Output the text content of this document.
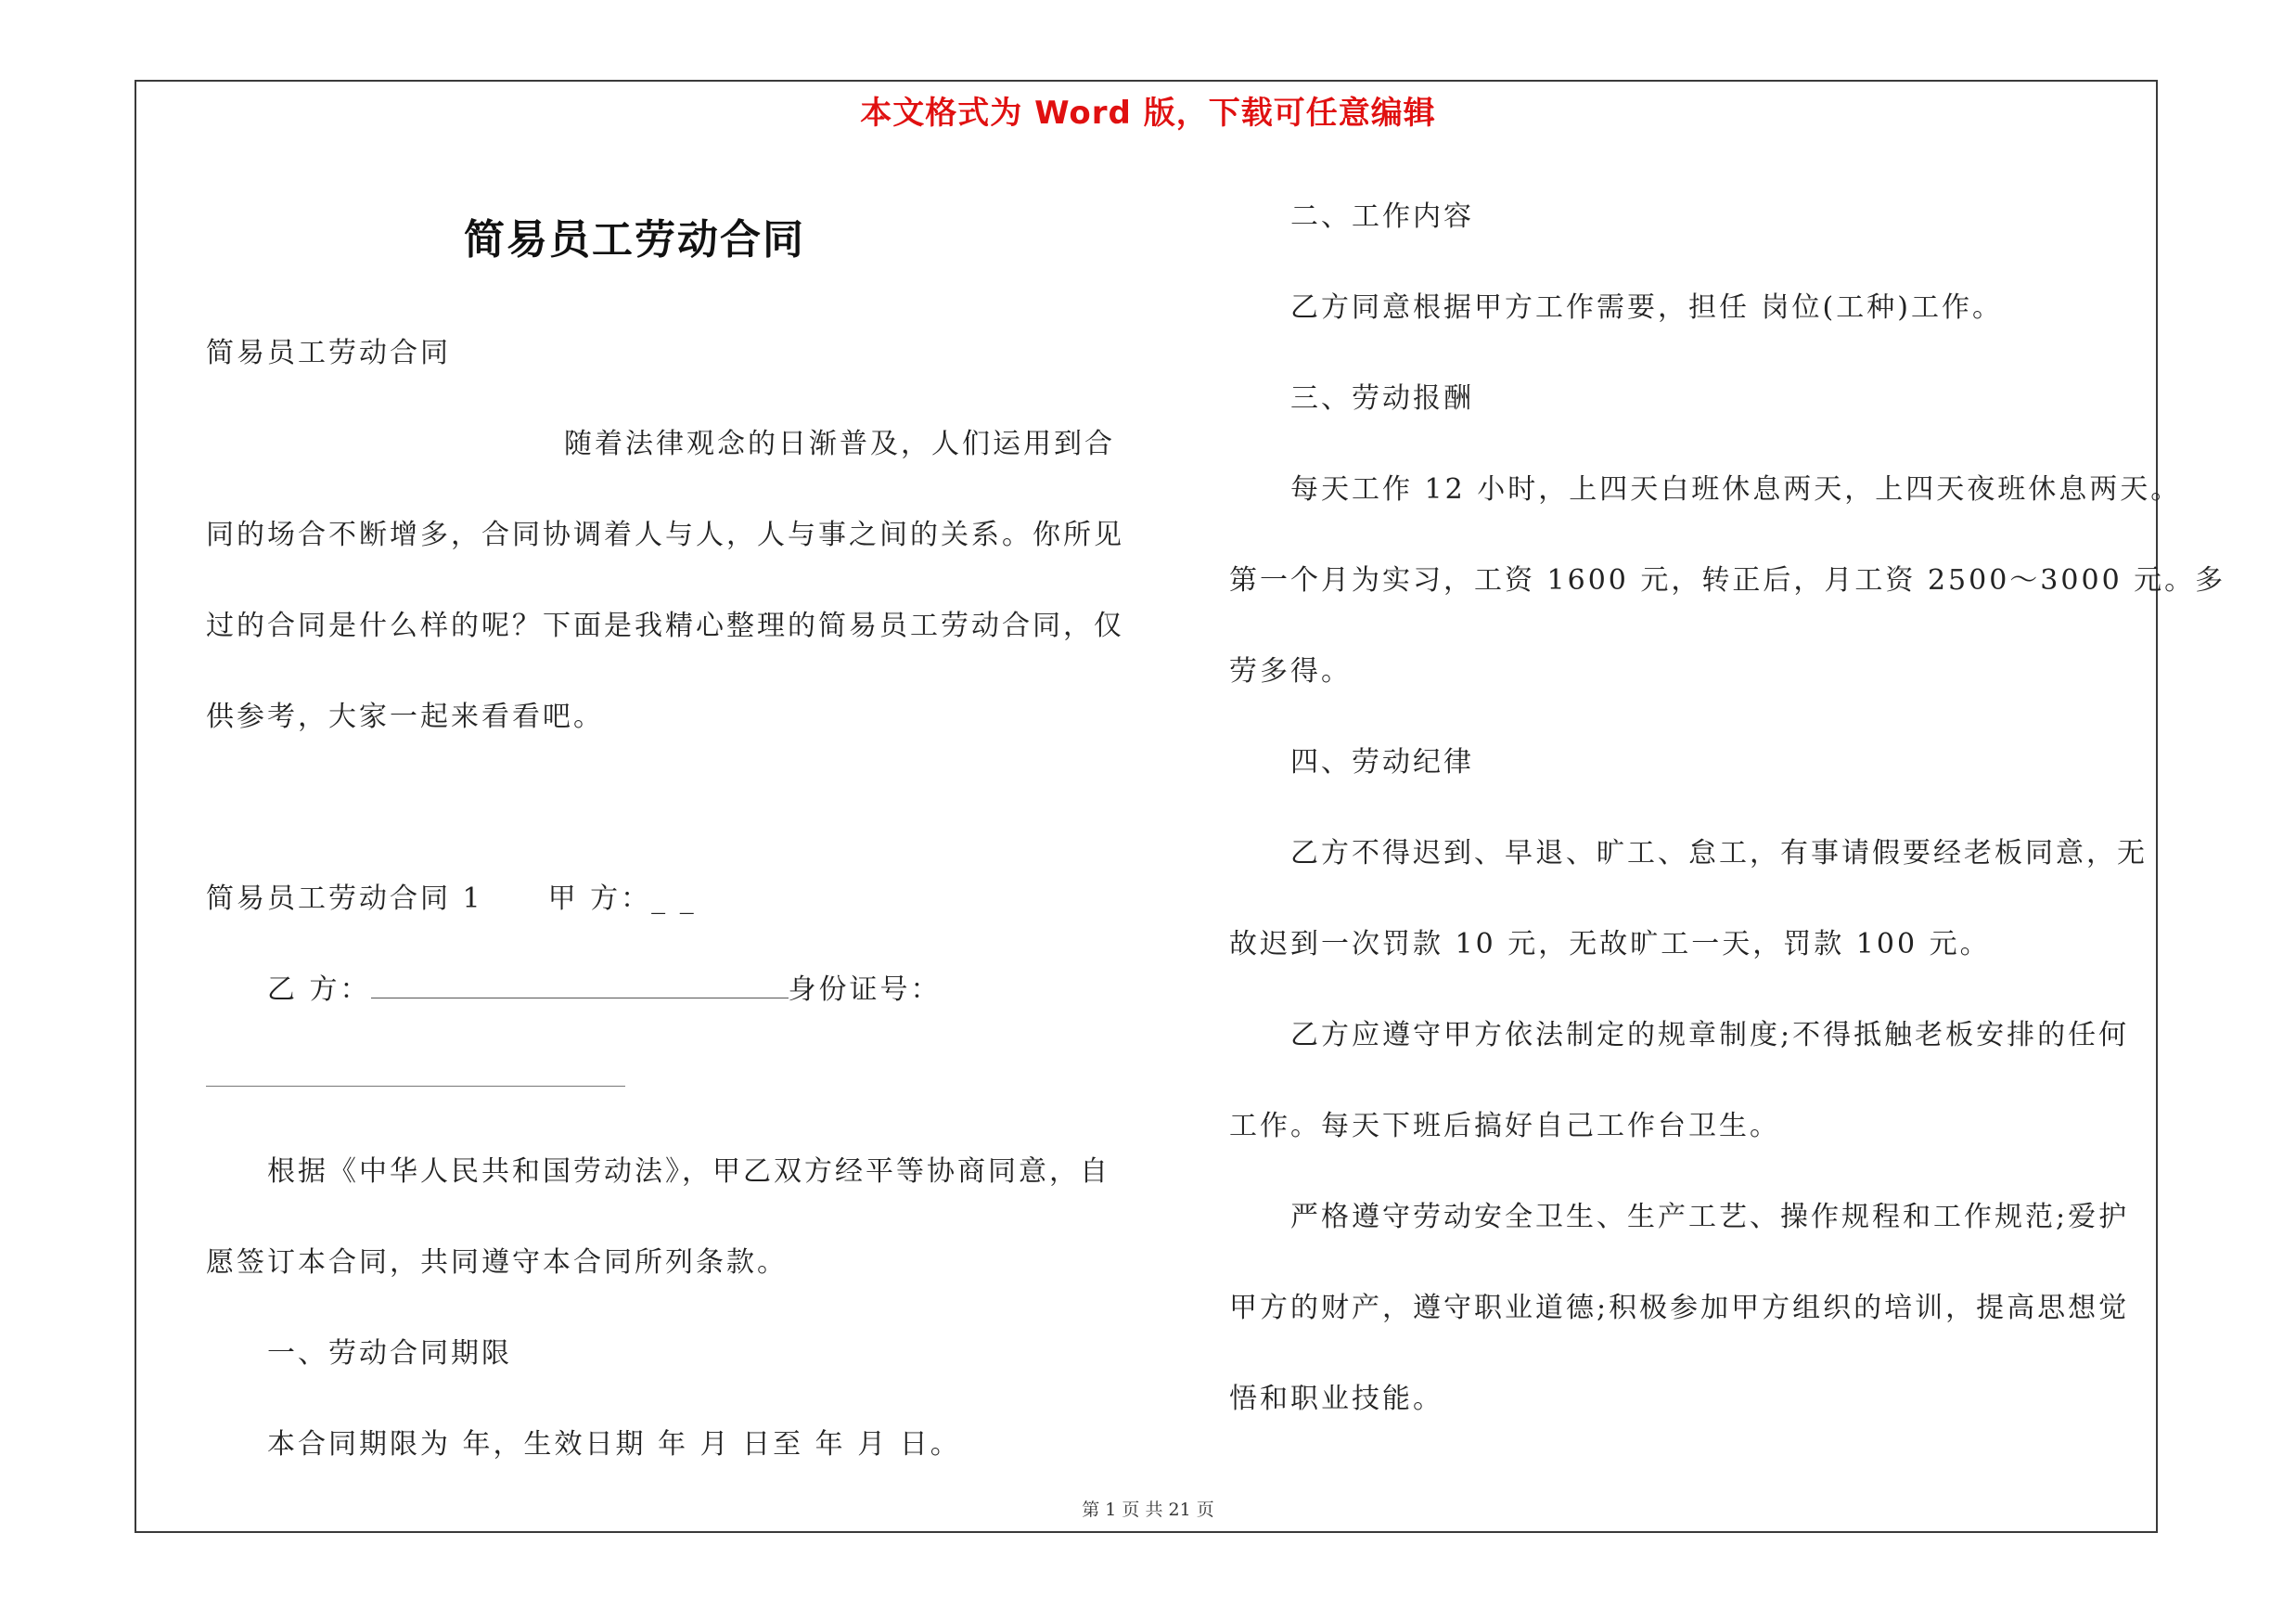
本文格式为 Word 版，下载可任意编辑
简易员工劳动合同
简易员工劳动合同
随着法律观念的日渐普及，人们运用到合
同的场合不断增多，合同协调着人与人，人与事之间的关系。你所见
过的合同是什么样的呢？下面是我精心整理的简易员工劳动合同，仅
供参考，大家一起来看看吧。
简易员工劳动合同 1 甲 方：_ _
乙 方：	身份证号：
根据《中华人民共和国劳动法》，甲乙双方经平等协商同意，自
愿签订本合同，共同遵守本合同所列条款。
一、劳动合同期限
本合同期限为 年，生效日期 年 月 日至 年 月 日。
二、工作内容
乙方同意根据甲方工作需要，担任 岗位(工种)工作。
三、劳动报酬
每天工作 12 小时，上四天白班休息两天，上四天夜班休息两天。
第一个月为实习，工资 1600 元，转正后，月工资 2500～3000 元。多
劳多得。
四、劳动纪律
乙方不得迟到、早退、旷工、怠工，有事请假要经老板同意，无
故迟到一次罚款 10 元，无故旷工一天，罚款 100 元。
乙方应遵守甲方依法制定的规章制度;不得抵触老板安排的任何
工作。每天下班后搞好自己工作台卫生。
严格遵守劳动安全卫生、生产工艺、操作规程和工作规范;爱护
甲方的财产，遵守职业道德;积极参加甲方组织的培训，提高思想觉
悟和职业技能。
第 1 页 共 21 页
